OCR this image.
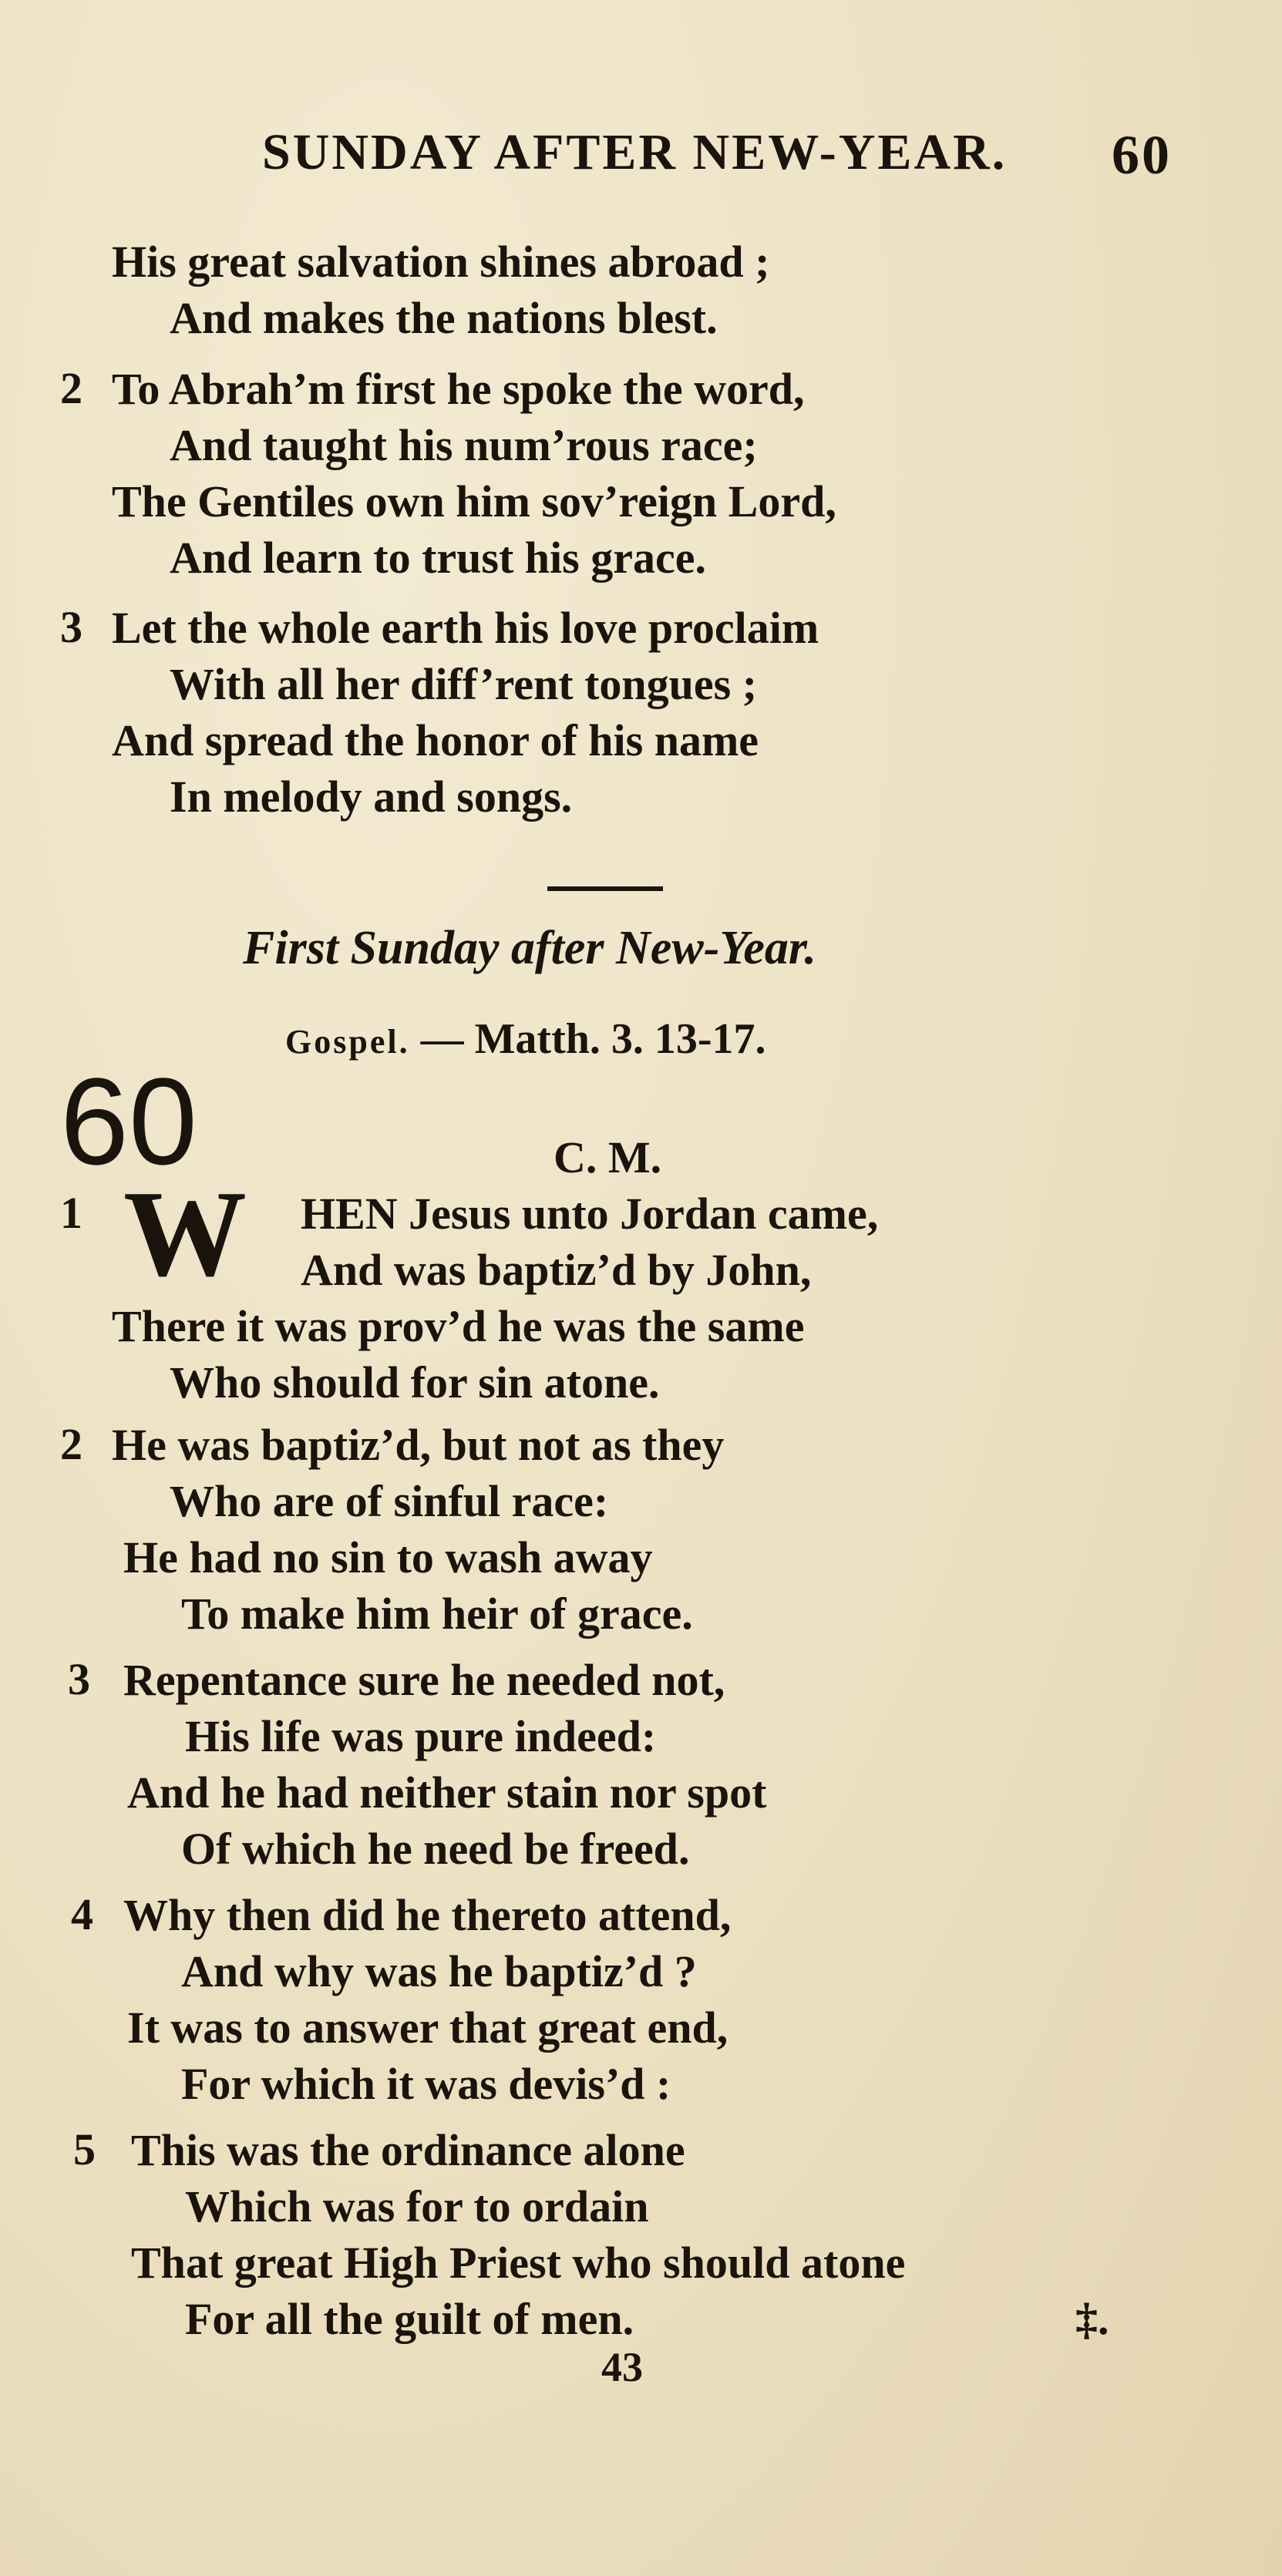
SUNDAY AFTER NEW-YEAR. 60
His great salvation shines abroad ;
And makes the nations blest.
2 To Abrah’m first he spoke the word,
And taught his num’rous race;
The Gentiles own him sov’reign Lord,
And learn to trust his grace.
3 Let the whole earth his love proclaim
With all her diff’rent tongues ;
And spread the honor of his name
In melody and songs.
First Sunday after New-Year.
Gospel. — Matth. 3. 13-17.
60	C. M.
1 W HEN Jesus unto Jordan came,
And was baptiz’d by John,
There it was prov’d he was the same
Who should for sin atone.
2 He was baptiz’d, but not as they
Who are of sinful race:
He had no sin to wash away
To make him heir of grace.
3 Repentance sure he needed not,
His life was pure indeed:
And he had neither stain nor spot
Of which he need be freed.
4 Why then did he thereto attend,
And why was he baptiz’d ?
It was to answer that great end,
For which it was devis’d :
5 This was the ordinance alone
Which was for to ordain
That great High Priest who should atone
For all the guilt of men.	‡.
43
